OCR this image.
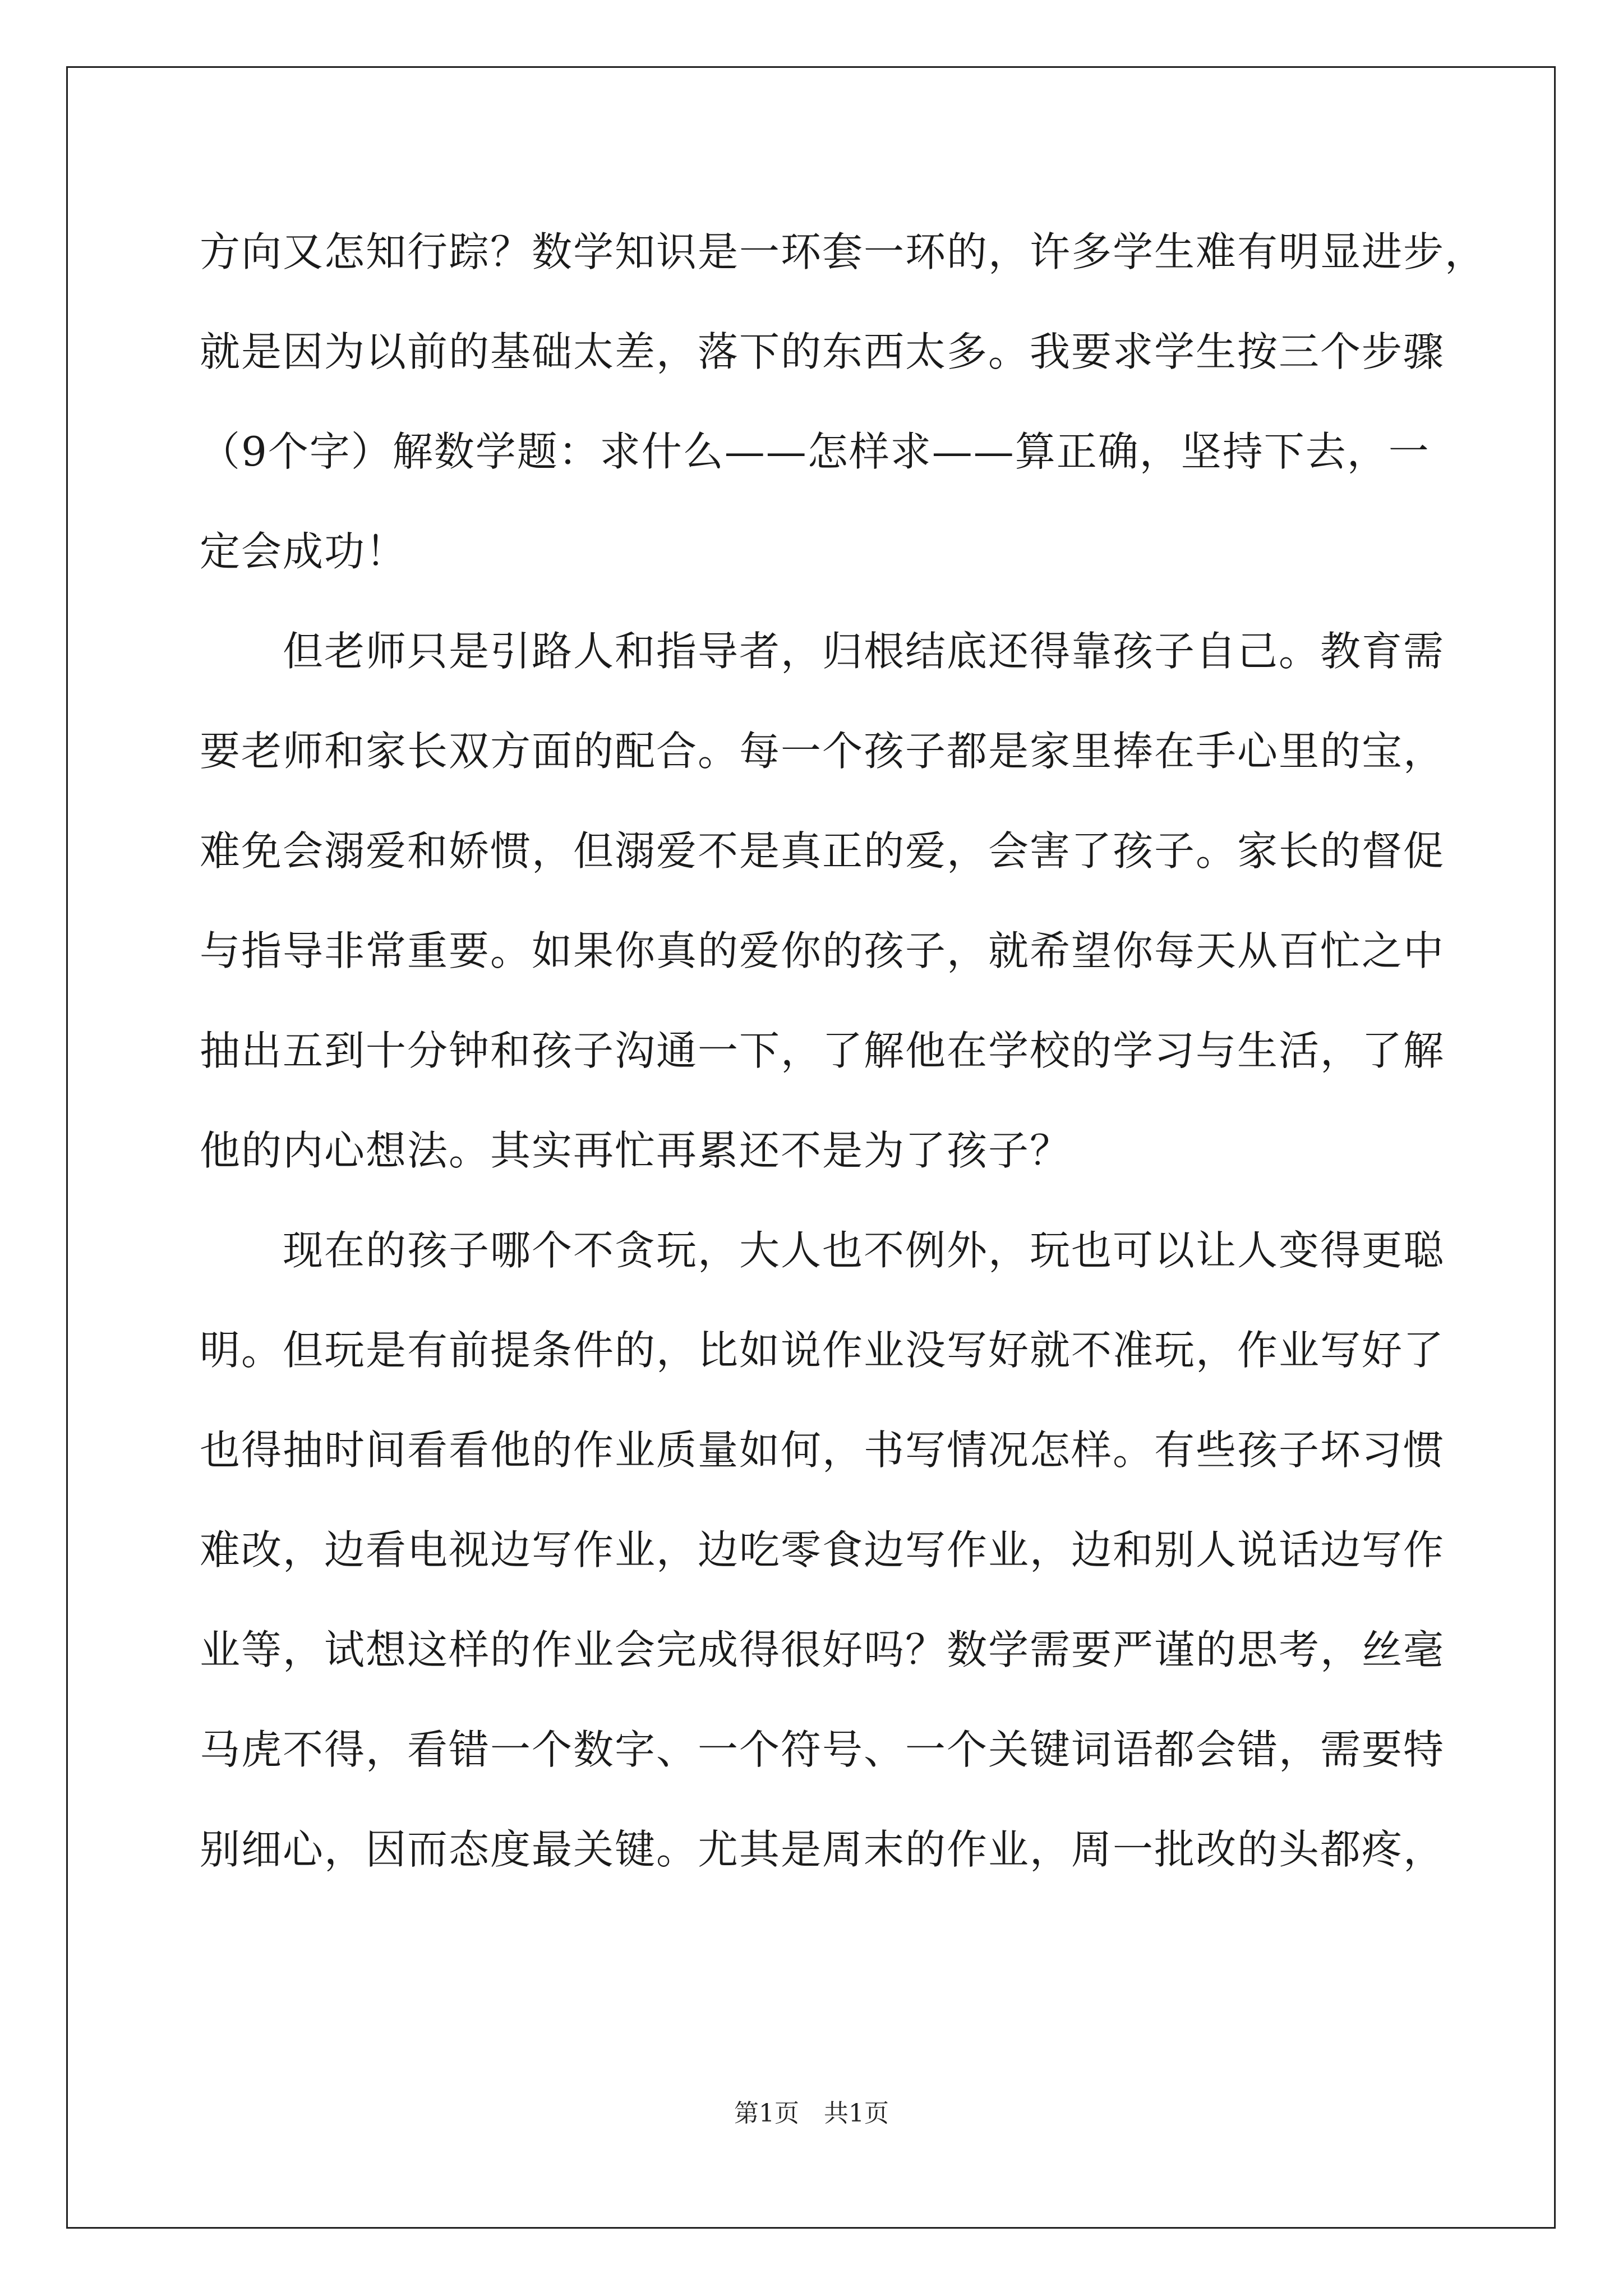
方向又怎知行踪？数学知识是一环套一环的，许多学生难有明显进步，
就是因为以前的基础太差，落下的东西太多。我要求学生按三个步骤
（9个字）解数学题：求什么——怎样求——算正确，坚持下去，一
定会成功！
　　但老师只是引路人和指导者，归根结底还得靠孩子自己。教育需
要老师和家长双方面的配合。每一个孩子都是家里捧在手心里的宝，
难免会溺爱和娇惯，但溺爱不是真正的爱，会害了孩子。家长的督促
与指导非常重要。如果你真的爱你的孩子，就希望你每天从百忙之中
抽出五到十分钟和孩子沟通一下，了解他在学校的学习与生活，了解
他的内心想法。其实再忙再累还不是为了孩子？
　　现在的孩子哪个不贪玩，大人也不例外，玩也可以让人变得更聪
明。但玩是有前提条件的，比如说作业没写好就不准玩，作业写好了
也得抽时间看看他的作业质量如何，书写情况怎样。有些孩子坏习惯
难改，边看电视边写作业，边吃零食边写作业，边和别人说话边写作
业等，试想这样的作业会完成得很好吗？数学需要严谨的思考，丝毫
马虎不得，看错一个数字、一个符号、一个关键词语都会错，需要特
别细心，因而态度最关键。尤其是周末的作业，周一批改的头都疼，
第1页　共1页
